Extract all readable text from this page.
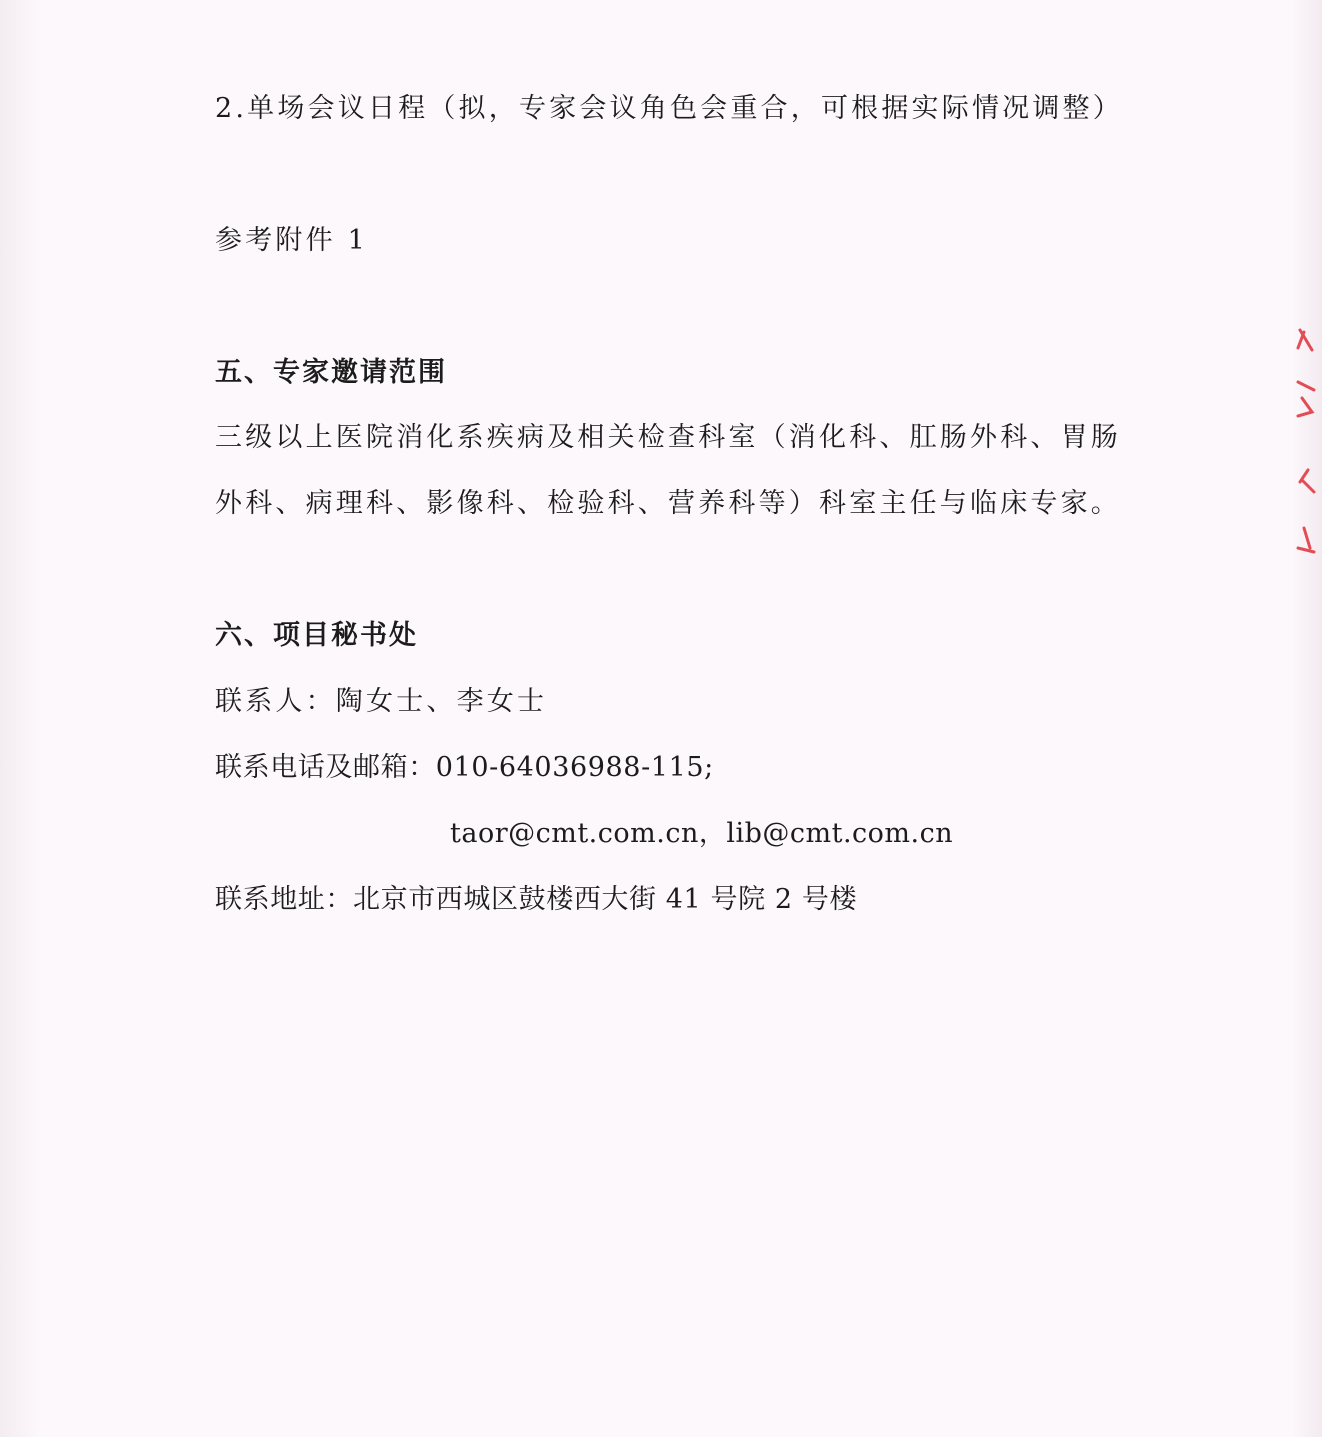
2.单场会议日程（拟，专家会议角色会重合，可根据实际情况调整）
参考附件 1
五、专家邀请范围
三级以上医院消化系疾病及相关检查科室（消化科、肛肠外科、胃肠
外科、病理科、影像科、检验科、营养科等）科室主任与临床专家。
六、项目秘书处
联系人：陶女士、李女士
联系电话及邮箱：010-64036988-115;
taor@cmt.com.cn，lib@cmt.com.cn
联系地址：北京市西城区鼓楼西大街 41 号院 2 号楼
